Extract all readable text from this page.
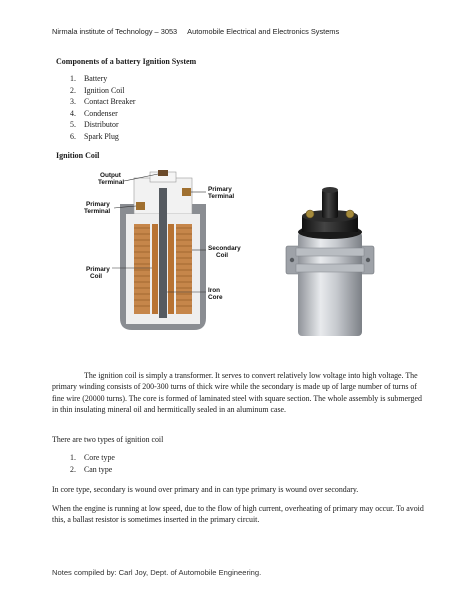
Nirmala institute of Technology – 3053 Automobile Electrical and Electronics Systems
Components of a battery Ignition System
1. Battery
2. Ignition Coil
3. Contact Breaker
4. Condenser
5. Distributor
6. Spark Plug
Ignition Coil
Output
Terminal
Primary
Terminal
Primary
Terminal
Secondary
Coil
Primary
Coil
Iron
Core

The ignition coil is simply a transformer. It serves to convert relatively low voltage into high voltage. The primary winding consists of 200-300 turns of thick wire while the secondary is made up of large number of turns of fine wire (20000 turns). The core is formed of laminated steel with square section. The whole assembly is submerged in thin insulating mineral oil and hermitically sealed in an aluminum case.

There are two types of ignition coil

1. Core type
2. Can type

In core type, secondary is wound over primary and in can type primary is wound over secondary.

When the engine is running at low speed, due to the flow of high current, overheating of primary may occur. To avoid this, a ballast resistor is sometimes inserted in the primary circuit.

Notes compiled by: Carl Joy, Dept. of Automobile Engineering.
